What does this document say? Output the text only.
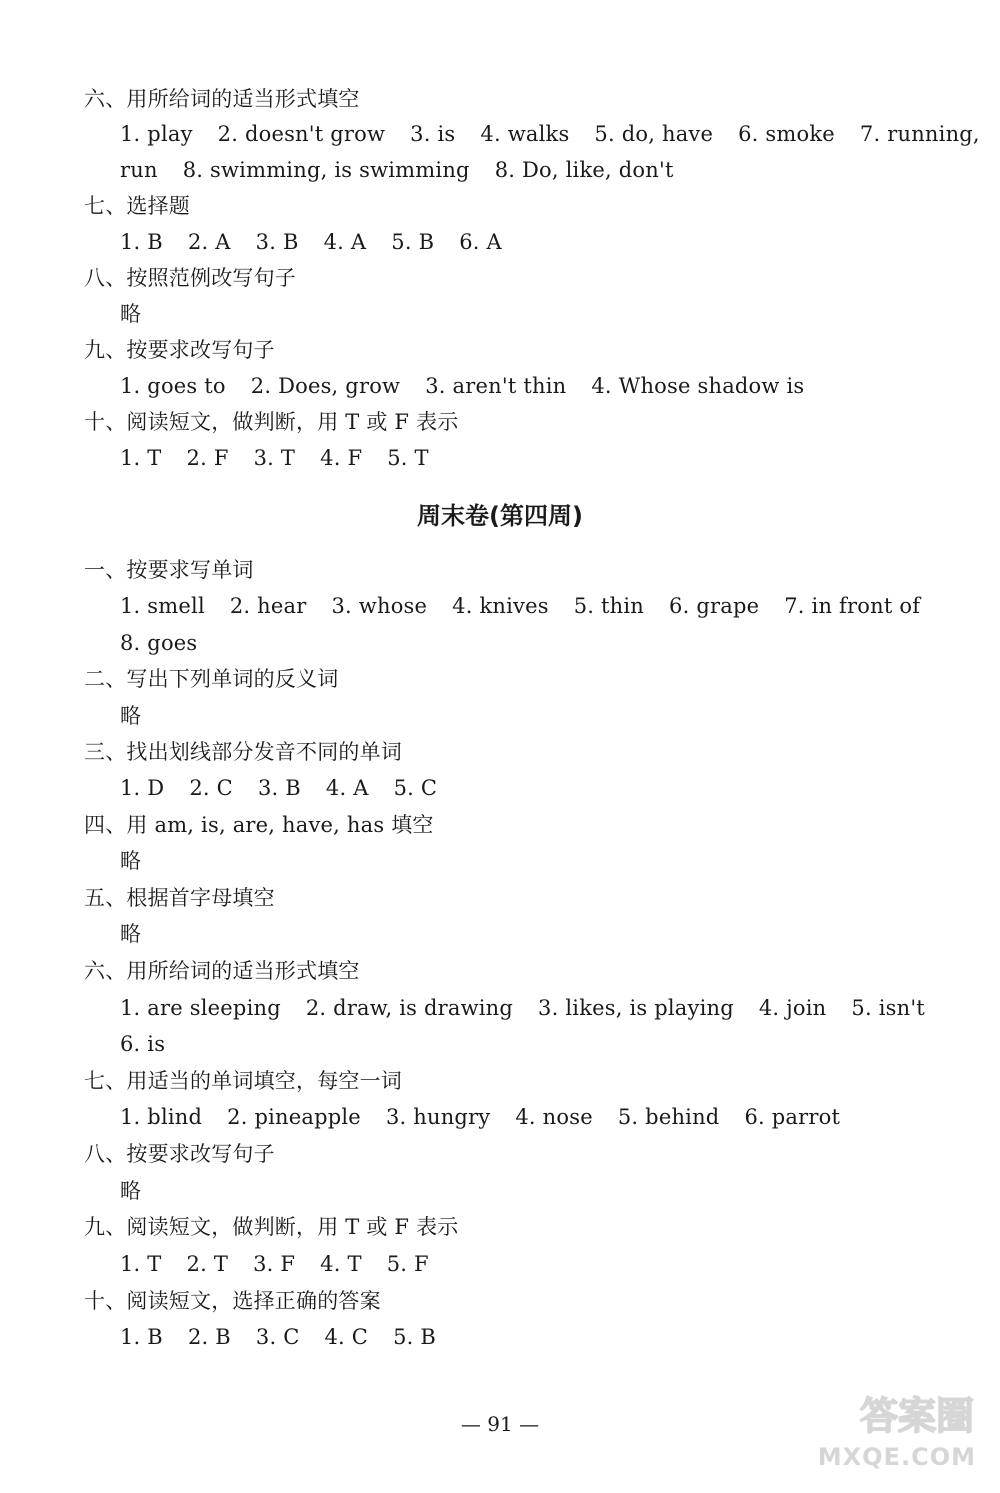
六、用所给词的适当形式填空
1. play 2. doesn't grow 3. is 4. walks 5. do, have 6. smoke 7. running,
run 8. swimming, is swimming 8. Do, like, don't
七、选择题
1. B 2. A 3. B 4. A 5. B 6. A
八、按照范例改写句子
略
九、按要求改写句子
1. goes to 2. Does, grow 3. aren't thin 4. Whose shadow is
十、阅读短文，做判断，用 T 或 F 表示
1. T 2. F 3. T 4. F 5. T
周末卷(第四周)
一、按要求写单词
1. smell 2. hear 3. whose 4. knives 5. thin 6. grape 7. in front of
8. goes
二、写出下列单词的反义词
略
三、找出划线部分发音不同的单词
1. D 2. C 3. B 4. A 5. C
四、用 am, is, are, have, has 填空
略
五、根据首字母填空
略
六、用所给词的适当形式填空
1. are sleeping 2. draw, is drawing 3. likes, is playing 4. join 5. isn't
6. is
七、用适当的单词填空，每空一词
1. blind 2. pineapple 3. hungry 4. nose 5. behind 6. parrot
八、按要求改写句子
略
九、阅读短文，做判断，用 T 或 F 表示
1. T 2. T 3. F 4. T 5. F
十、阅读短文，选择正确的答案
1. B 2. B 3. C 4. C 5. B
— 91 —	答案圈
MXQE.COM
